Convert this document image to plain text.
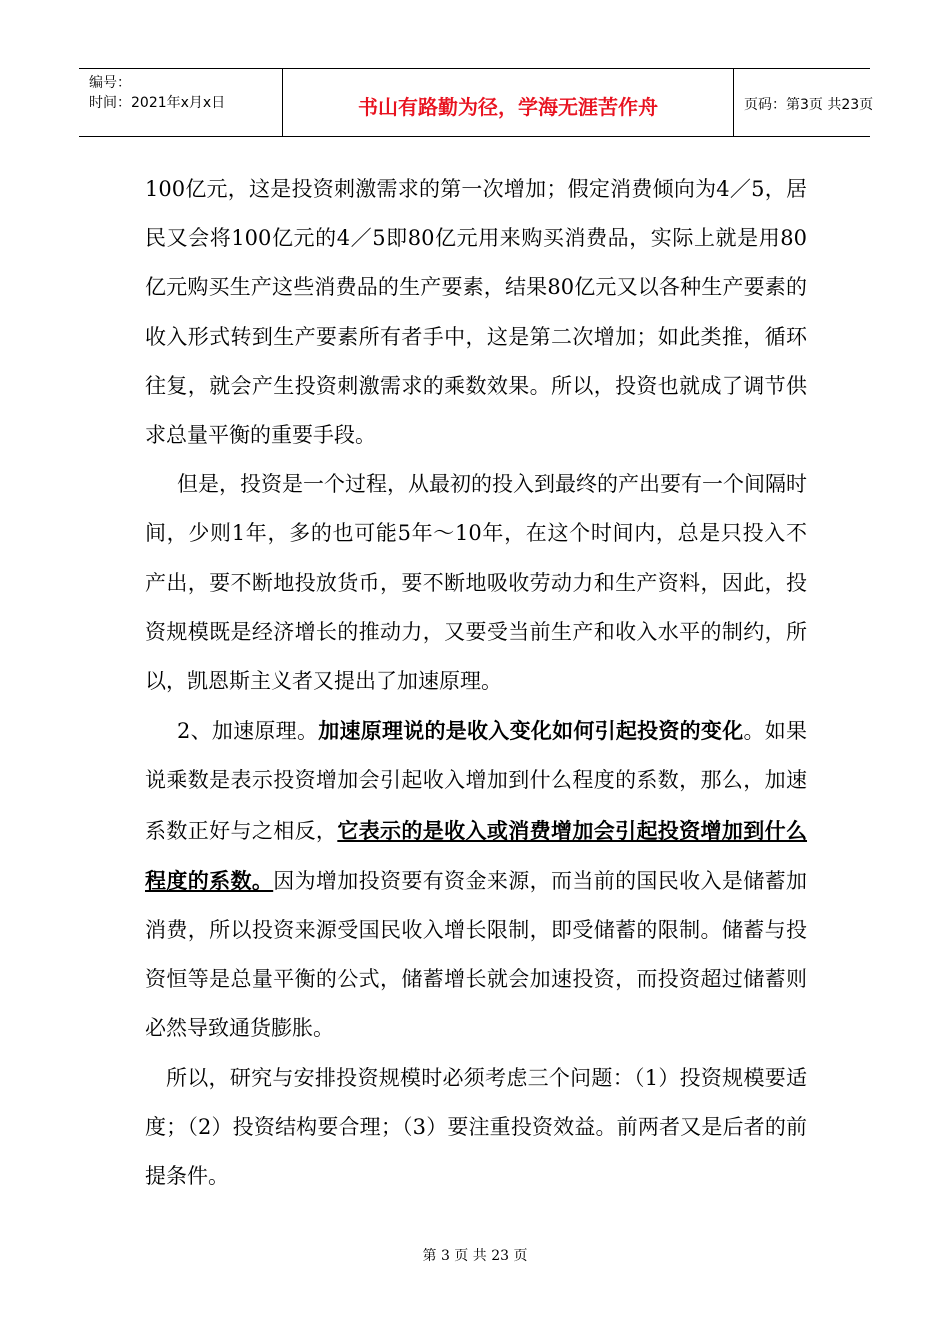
编号：
时间：2021年x月x日	书山有路勤为径，学海无涯苦作舟	页码：第3页 共23页

100亿元，这是投资刺激需求的第一次增加；假定消费倾向为4／5，居民又会将100亿元的4／5即80亿元用来购买消费品，实际上就是用80亿元购买生产这些消费品的生产要素，结果80亿元又以各种生产要素的收入形式转到生产要素所有者手中，这是第二次增加；如此类推，循环往复，就会产生投资刺激需求的乘数效果。所以，投资也就成了调节供求总量平衡的重要手段。

但是，投资是一个过程，从最初的投入到最终的产出要有一个间隔时间，少则1年，多的也可能5年～10年，在这个时间内，总是只投入不产出，要不断地投放货币，要不断地吸收劳动力和生产资料，因此，投资规模既是经济增长的推动力，又要受当前生产和收入水平的制约，所以，凯恩斯主义者又提出了加速原理。

2、加速原理。加速原理说的是收入变化如何引起投资的变化。如果说乘数是表示投资增加会引起收入增加到什么程度的系数，那么，加速系数正好与之相反，它表示的是收入或消费增加会引起投资增加到什么程度的系数。因为增加投资要有资金来源，而当前的国民收入是储蓄加消费，所以投资来源受国民收入增长限制，即受储蓄的限制。储蓄与投资恒等是总量平衡的公式，储蓄增长就会加速投资，而投资超过储蓄则必然导致通货膨胀。

所以，研究与安排投资规模时必须考虑三个问题：（1）投资规模要适度；（2）投资结构要合理；（3）要注重投资效益。前两者又是后者的前提条件。

第 3 页 共 23 页
